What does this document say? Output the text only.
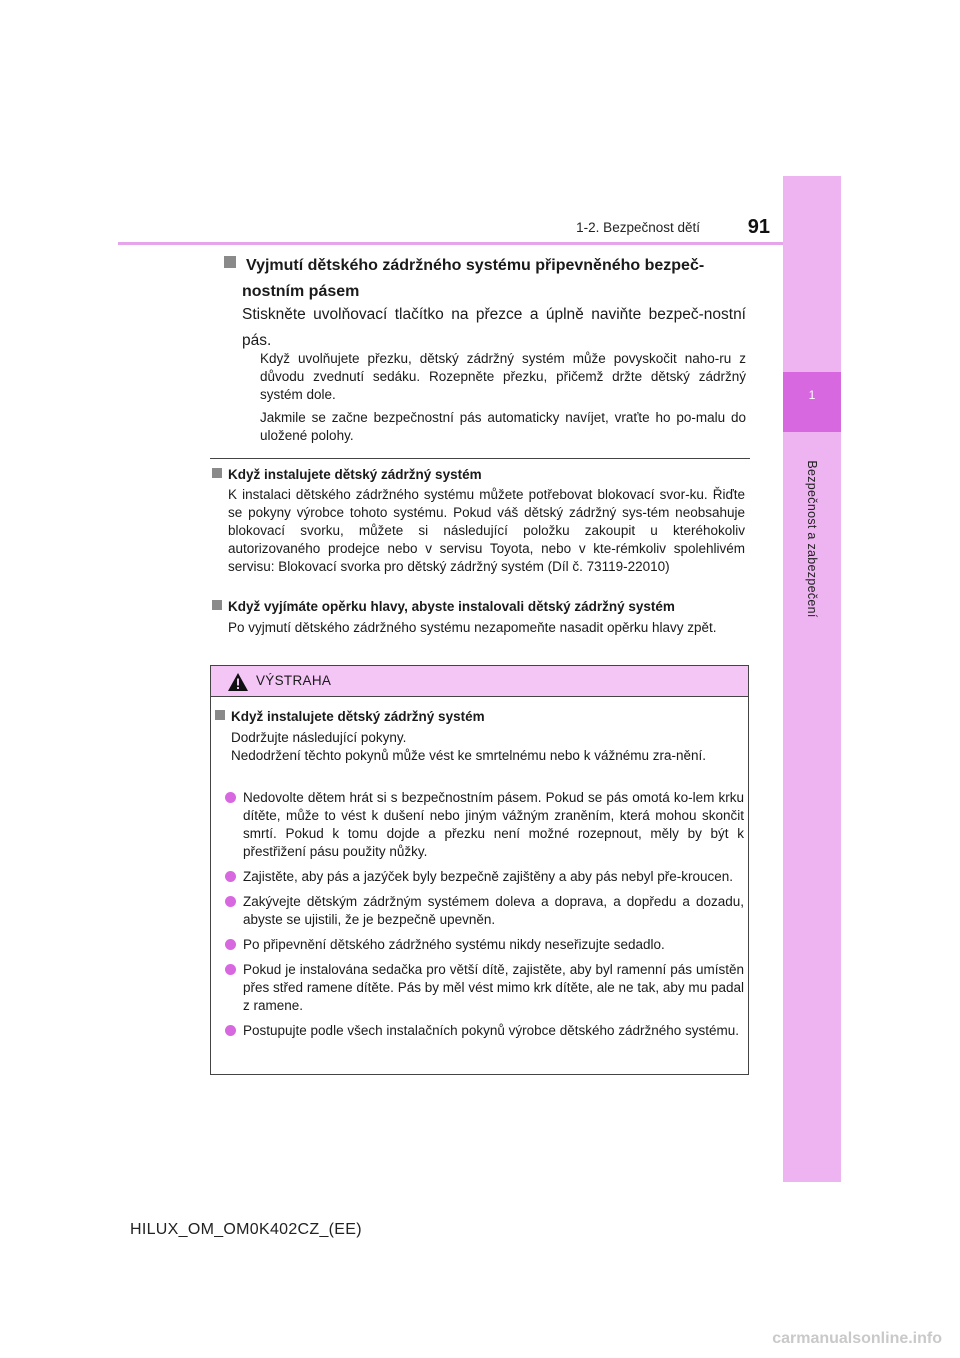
1
Bezpečnost a zabezpečení
1-2. Bezpečnost dětí	91
Vyjmutí dětského zádržného systému připevněného bezpeč-
nostním pásem
Stiskněte uvolňovací tlačítko na přezce a úplně naviňte bezpeč-nostní pás.
Když uvolňujete přezku, dětský zádržný systém může povyskočit naho-ru z důvodu zvednutí sedáku. Rozepněte přezku, přičemž držte dětský zádržný systém dole.
Jakmile se začne bezpečnostní pás automaticky navíjet, vraťte ho po-malu do uložené polohy.
Když instalujete dětský zádržný systém
K instalaci dětského zádržného systému můžete potřebovat blokovací svor-ku. Řiďte se pokyny výrobce tohoto systému. Pokud váš dětský zádržný sys-tém neobsahuje blokovací svorku, můžete si následující položku zakoupit u kteréhokoliv autorizovaného prodejce nebo v servisu Toyota, nebo v kte-rémkoliv spolehlivém servisu: Blokovací svorka pro dětský zádržný systém (Díl č. 73119-22010)
Když vyjímáte opěrku hlavy, abyste instalovali dětský zádržný systém
Po vyjmutí dětského zádržného systému nezapomeňte nasadit opěrku hlavy zpět.
VÝSTRAHA
Když instalujete dětský zádržný systém
Dodržujte následující pokyny.
Nedodržení těchto pokynů může vést ke smrtelnému nebo k vážnému zra-nění.
Nedovolte dětem hrát si s bezpečnostním pásem. Pokud se pás omotá ko-lem krku dítěte, může to vést k dušení nebo jiným vážným zraněním, která mohou skončit smrtí. Pokud k tomu dojde a přezku není možné rozepnout, měly by být k přestřižení pásu použity nůžky.
Zajistěte, aby pás a jazýček byly bezpečně zajištěny a aby pás nebyl pře-kroucen.
Zakývejte dětským zádržným systémem doleva a doprava, a dopředu a dozadu, abyste se ujistili, že je bezpečně upevněn.
Po připevnění dětského zádržného systému nikdy neseřizujte sedadlo.
Pokud je instalována sedačka pro větší dítě, zajistěte, aby byl ramenní pás umístěn přes střed ramene dítěte. Pás by měl vést mimo krk dítěte, ale ne tak, aby mu padal z ramene.
Postupujte podle všech instalačních pokynů výrobce dětského zádržného systému.
HILUX_OM_OM0K402CZ_(EE)
carmanualsonline.info
